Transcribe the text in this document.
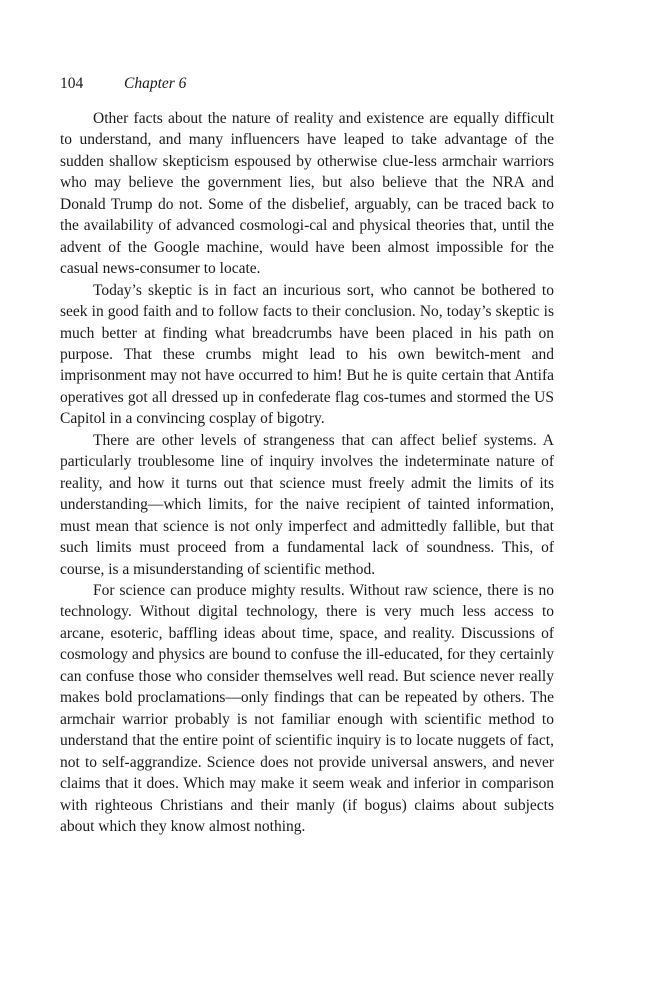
104	Chapter 6

Other facts about the nature of reality and existence are equally difficult to understand, and many influencers have leaped to take advantage of the sudden shallow skepticism espoused by otherwise clue-less armchair warriors who may believe the government lies, but also believe that the NRA and Donald Trump do not. Some of the disbelief, arguably, can be traced back to the availability of advanced cosmologi-cal and physical theories that, until the advent of the Google machine, would have been almost impossible for the casual news-consumer to locate.

Today’s skeptic is in fact an incurious sort, who cannot be bothered to seek in good faith and to follow facts to their conclusion. No, today’s skeptic is much better at finding what breadcrumbs have been placed in his path on purpose. That these crumbs might lead to his own bewitch-ment and imprisonment may not have occurred to him! But he is quite certain that Antifa operatives got all dressed up in confederate flag cos-tumes and stormed the US Capitol in a convincing cosplay of bigotry.

There are other levels of strangeness that can affect belief systems. A particularly troublesome line of inquiry involves the indeterminate nature of reality, and how it turns out that science must freely admit the limits of its understanding—which limits, for the naive recipient of tainted information, must mean that science is not only imperfect and admittedly fallible, but that such limits must proceed from a fundamental lack of soundness. This, of course, is a misunderstanding of scientific method.

For science can produce mighty results. Without raw science, there is no technology. Without digital technology, there is very much less access to arcane, esoteric, baffling ideas about time, space, and reality. Discussions of cosmology and physics are bound to confuse the ill-educated, for they certainly can confuse those who consider themselves well read. But science never really makes bold proclamations—only findings that can be repeated by others. The armchair warrior probably is not familiar enough with scientific method to understand that the entire point of scientific inquiry is to locate nuggets of fact, not to self-aggrandize. Science does not provide universal answers, and never claims that it does. Which may make it seem weak and inferior in comparison with righteous Christians and their manly (if bogus) claims about subjects about which they know almost nothing.
